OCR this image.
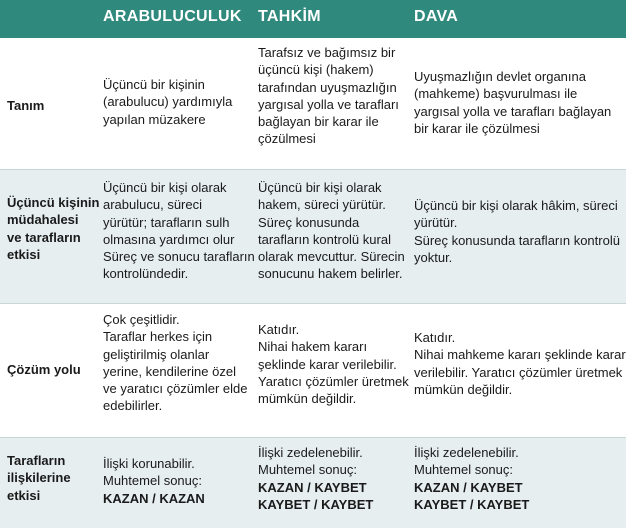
ARABULUCULUK TAHKİM	DAVA
Tanım
Üçüncü bir kişinin
(arabulucu) yardımıyla
yapılan müzakere
Tarafsız ve bağımsız bir
üçüncü kişi (hakem)
tarafından uyuşmazlığın
yargısal yolla ve tarafları
bağlayan bir karar ile
çözülmesi
Uyuşmazlığın devlet organına
(mahkeme) başvurulması ile
yargısal yolla ve tarafları bağlayan
bir karar ile çözülmesi
Üçüncü kişinin
müdahalesi
ve tarafların
etkisi
Üçüncü bir kişi olarak
arabulucu, süreci
yürütür; tarafların sulh
olmasına yardımcı olur
Süreç ve sonucu tarafların
kontrolündedir.
Üçüncü bir kişi olarak
hakem, süreci yürütür.
Süreç konusunda
tarafların kontrolü kural
olarak mevcuttur. Sürecin
sonucunu hakem belirler.
Üçüncü bir kişi olarak hâkim, süreci
yürütür.
Süreç konusunda tarafların kontrolü
yoktur.
Çözüm yolu
Çok çeşitlidir.
Taraflar herkes için
geliştirilmiş olanlar
yerine, kendilerine özel
ve yaratıcı çözümler elde
edebilirler.
Katıdır.
Nihai hakem kararı
şeklinde karar verilebilir.
Yaratıcı çözümler üretmek
mümkün değildir.
Katıdır.
Nihai mahkeme kararı şeklinde karar
verilebilir. Yaratıcı çözümler üretmek
mümkün değildir.
Tarafların
ilişkilerine
etkisi
İlişki korunabilir.
Muhtemel sonuç:
KAZAN / KAZAN
İlişki zedelenebilir.
Muhtemel sonuç:
KAZAN / KAYBET
KAYBET / KAYBET
İlişki zedelenebilir.
Muhtemel sonuç:
KAZAN / KAYBET
KAYBET / KAYBET
